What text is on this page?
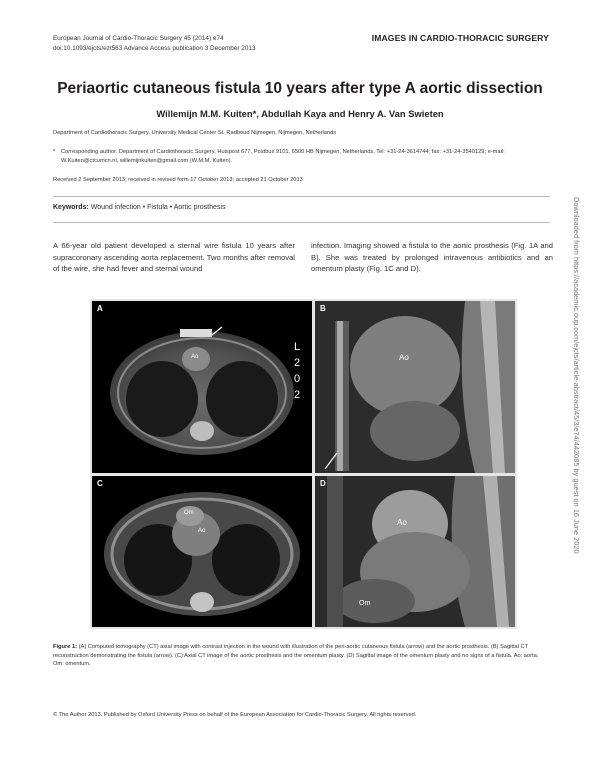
European Journal of Cardio-Thoracic Surgery 45 (2014) e74
doi:10.1093/ejcts/ezt563 Advance Access publication 3 December 2013
IMAGES IN CARDIO-THORACIC SURGERY
Periaortic cutaneous fistula 10 years after type A aortic dissection
Willemijn M.M. Kuiten*, Abdullah Kaya and Henry A. Van Swieten
Department of Cardiothoracic Surgery, University Medical Center St. Radboud Nijmegen, Nijmegen, Netherlands
* Corresponding author. Department of Cardiothoracic Surgery, Huispost 677, Postbus 9101, 6500 HB Nijmegen, Netherlands. Tel: +31-24-3614744; fax: +31-24-3540129; e-mail: W.Kuiten@ctcumcn.nl, willemijnkuiten@gmail.com (W.M.M. Kuiten).
Received 2 September 2013; received in revised form 17 October 2013; accepted 21 October 2013
Keywords: Wound infection • Fistula • Aortic prosthesis
A 66-year old patient developed a sternal wire fistula 10 years after supracoronary ascending aorta replacement. Two months after removal of the wire, she had fever and sternal wound
infection. Imaging showed a fistula to the aortic prosthesis (Fig. 1A and B). She was treated by prolonged intravenous antibiotics and an omentum plasty (Fig. 1C and D).
A
Ao
L
2
0
2
B
Ao
C
Om
Ao
D
Ao
Om
Figure 1: (A) Computed tomography (CT) axial image with contrast injection in the wound with illustration of the peri-aortic cutaneous fistula (arrow) and the aortic prosthesis. (B) Sagittal CT reconstruction demonstrating the fistula (arrow). (C) Axial CT image of the aortic prosthesis and the omentum plasty. (D) Sagittal image of the omentum plasty and no signs of a fistula. Ao: aorta; Om: omentum.
© The Author 2013. Published by Oxford University Press on behalf of the European Association for Cardio-Thoracic Surgery. All rights reserved.
Downloaded from https://academic.oup.com/ejcts/article-abstract/45/3/e74/442085 by guest on 16 June 2020
